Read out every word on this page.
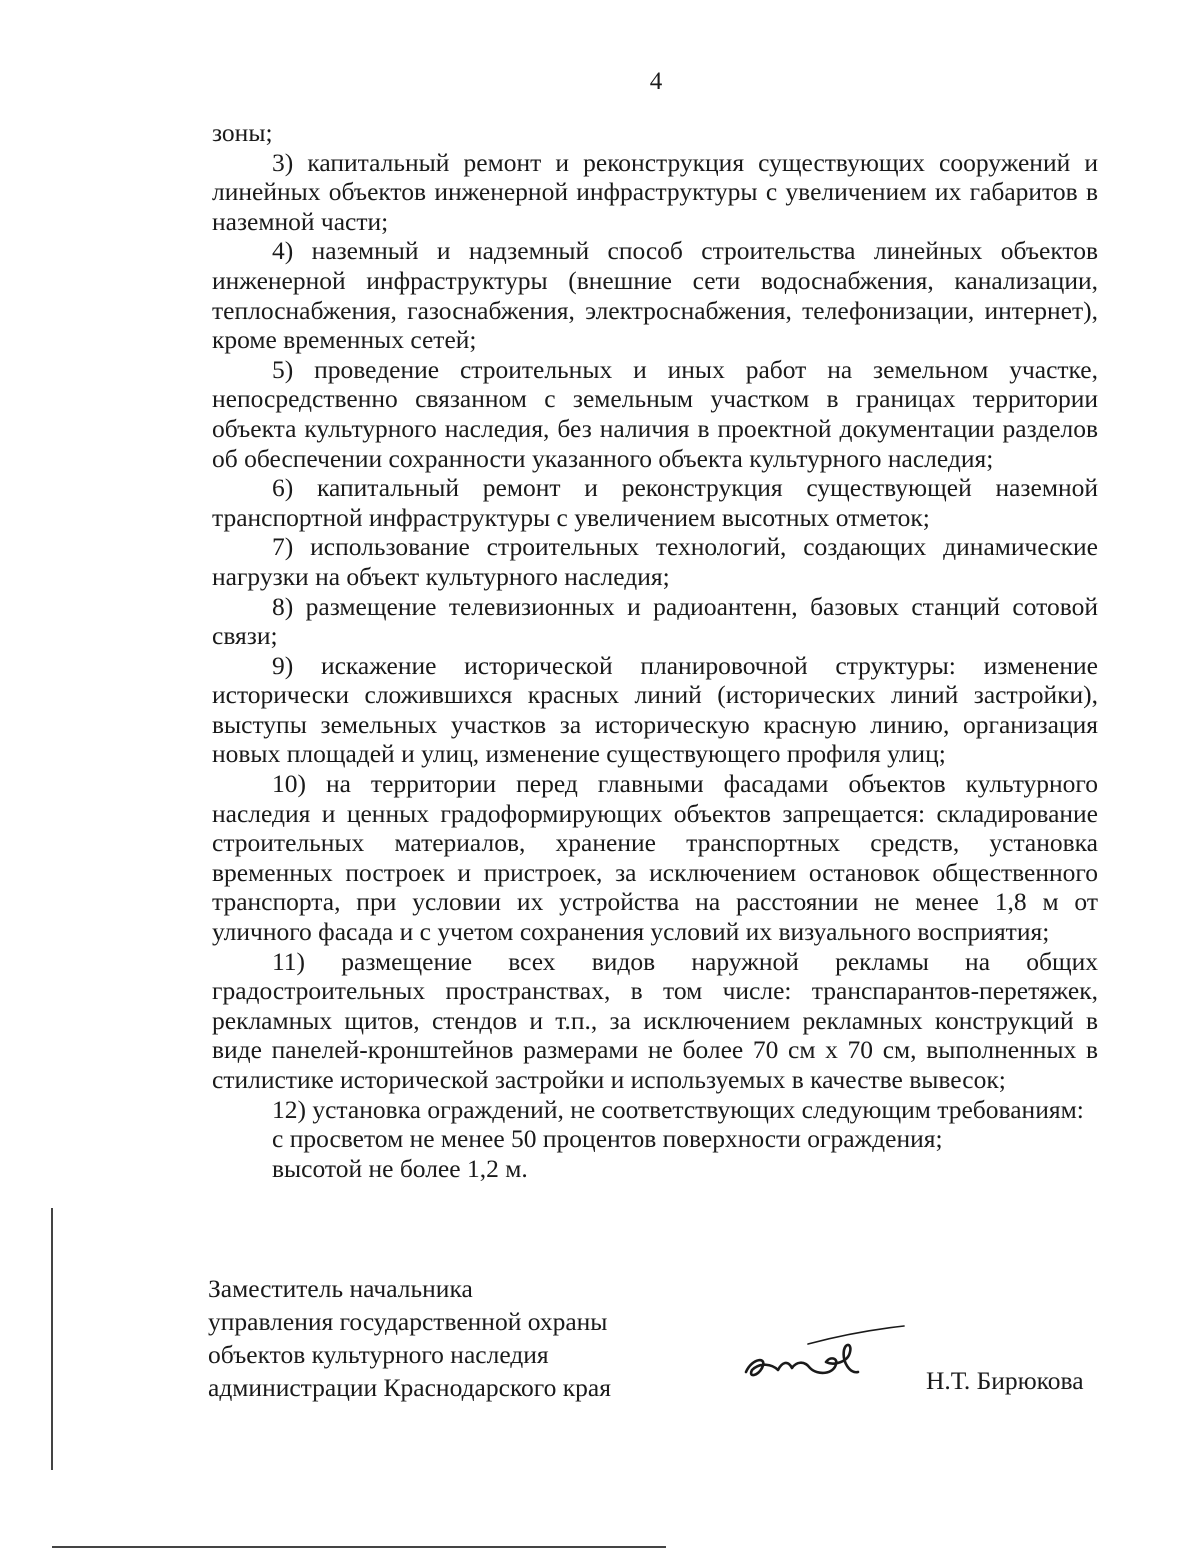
4

зоны;

3) капитальный ремонт и реконструкция существующих сооружений и линейных объектов инженерной инфраструктуры с увеличением их габаритов в наземной части;

4) наземный и надземный способ строительства линейных объектов инженерной инфраструктуры (внешние сети водоснабжения, канализации, теплоснабжения, газоснабжения, электроснабжения, телефонизации, интернет), кроме временных сетей;

5) проведение строительных и иных работ на земельном участке, непосредственно связанном с земельным участком в границах территории объекта культурного наследия, без наличия в проектной документации разделов об обеспечении сохранности указанного объекта культурного наследия;

6) капитальный ремонт и реконструкция существующей наземной транспортной инфраструктуры с увеличением высотных отметок;

7) использование строительных технологий, создающих динамические нагрузки на объект культурного наследия;

8) размещение телевизионных и радиоантенн, базовых станций сотовой связи;

9) искажение исторической планировочной структуры: изменение исторически сложившихся красных линий (исторических линий застройки), выступы земельных участков за историческую красную линию, организация новых площадей и улиц, изменение существующего профиля улиц;

10) на территории перед главными фасадами объектов культурного наследия и ценных градоформирующих объектов запрещается: складирование строительных материалов, хранение транспортных средств, установка временных построек и пристроек, за исключением остановок общественного транспорта, при условии их устройства на расстоянии не менее 1,8 м от уличного фасада и с учетом сохранения условий их визуального восприятия;

11) размещение всех видов наружной рекламы на общих градостроительных пространствах, в том числе: транспарантов-перетяжек, рекламных щитов, стендов и т.п., за исключением рекламных конструкций в виде панелей-кронштейнов размерами не более 70 см х 70 см, выполненных в стилистике исторической застройки и используемых в качестве вывесок;

12) установка ограждений, не соответствующих следующим требованиям:

с просветом не менее 50 процентов поверхности ограждения;

высотой не более 1,2 м.

Заместитель начальника
управления государственной охраны
объектов культурного наследия
администрации Краснодарского края	Н.Т. Бирюкова
